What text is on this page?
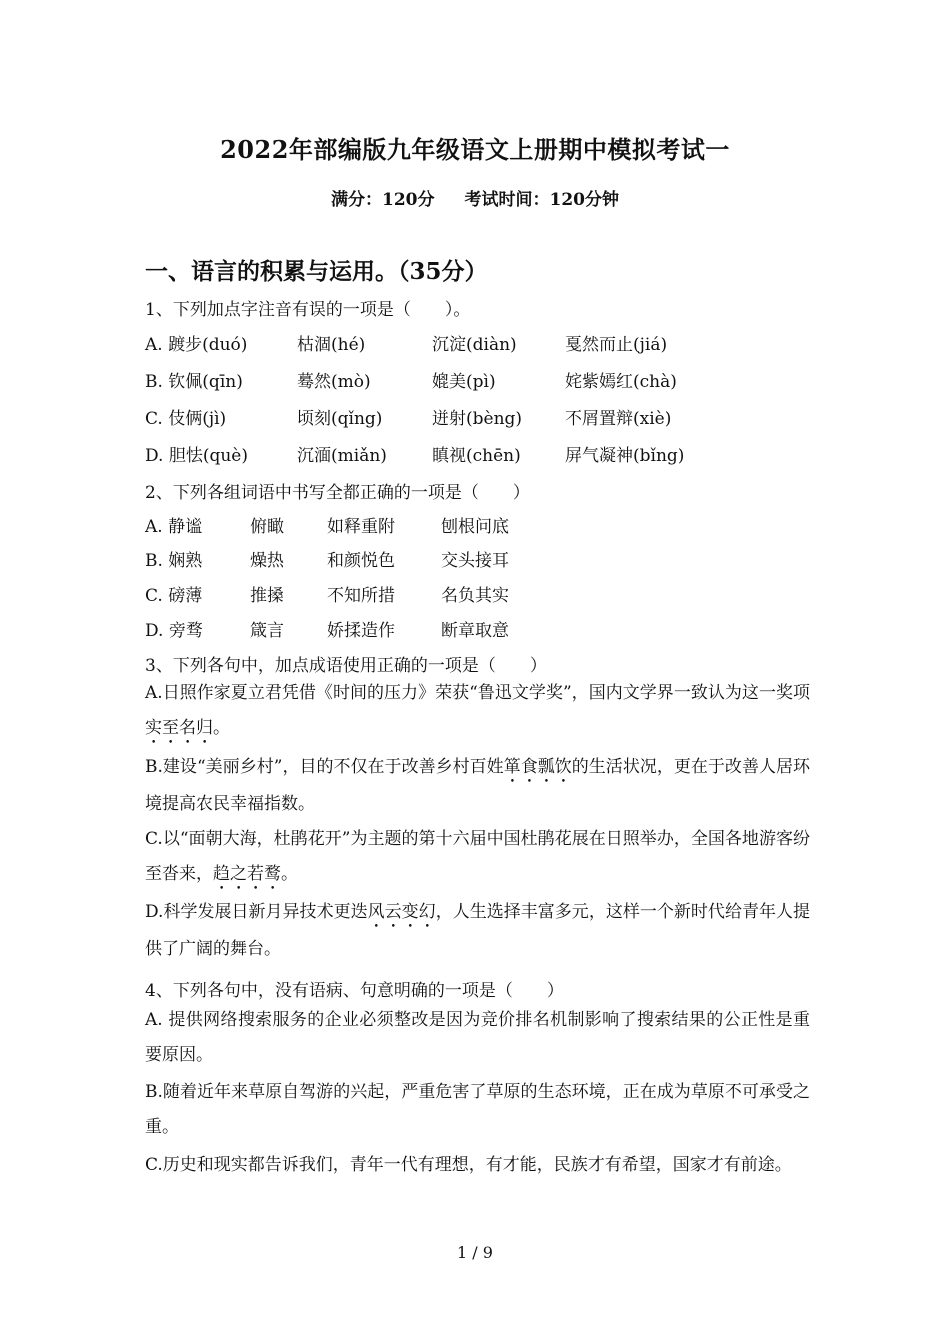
2022年部编版九年级语文上册期中模拟考试一
满分：120分 考试时间：120分钟
一、语言的积累与运用。（35分）
1、下列加点字注音有误的一项是（　　）。
A. 踱步(duó)	枯涸(hé)	沉淀(diàn)	戛然而止(jiá)
B. 钦佩(qīn)	蓦然(mò)	媲美(pì)	姹紫嫣红(chà)
C. 伎俩(jì)	顷刻(qǐng)	迸射(bèng)	不屑置辩(xiè)
D. 胆怯(què)	沉湎(miǎn)	瞋视(chēn)	屏气凝神(bǐng)
2、下列各组词语中书写全都正确的一项是（　　）
A. 静谧	俯瞰	如释重附	刨根问底
B. 娴熟	燥热	和颜悦色	交头接耳
C. 磅薄	推搡	不知所措	名负其实
D. 旁骛	箴言	娇揉造作	断章取意
3、下列各句中，加点成语使用正确的一项是（　　）
A.日照作家夏立君凭借《时间的压力》荣获“鲁迅文学奖”，国内文学界一致认为这一奖项实至名归。
B.建设“美丽乡村”，目的不仅在于改善乡村百姓箪食瓢饮的生活状况，更在于改善人居环境提高农民幸福指数。
C.以“面朝大海，杜鹃花开”为主题的第十六届中国杜鹃花展在日照举办，全国各地游客纷至沓来，趋之若鹜。
D.科学发展日新月异技术更迭风云变幻，人生选择丰富多元，这样一个新时代给青年人提供了广阔的舞台。
4、下列各句中，没有语病、句意明确的一项是（　　）
A. 提供网络搜索服务的企业必须整改是因为竞价排名机制影响了搜索结果的公正性是重要原因。
B.随着近年来草原自驾游的兴起，严重危害了草原的生态环境，正在成为草原不可承受之重。
C.历史和现实都告诉我们，青年一代有理想，有才能，民族才有希望，国家才有前途。
1 / 9
